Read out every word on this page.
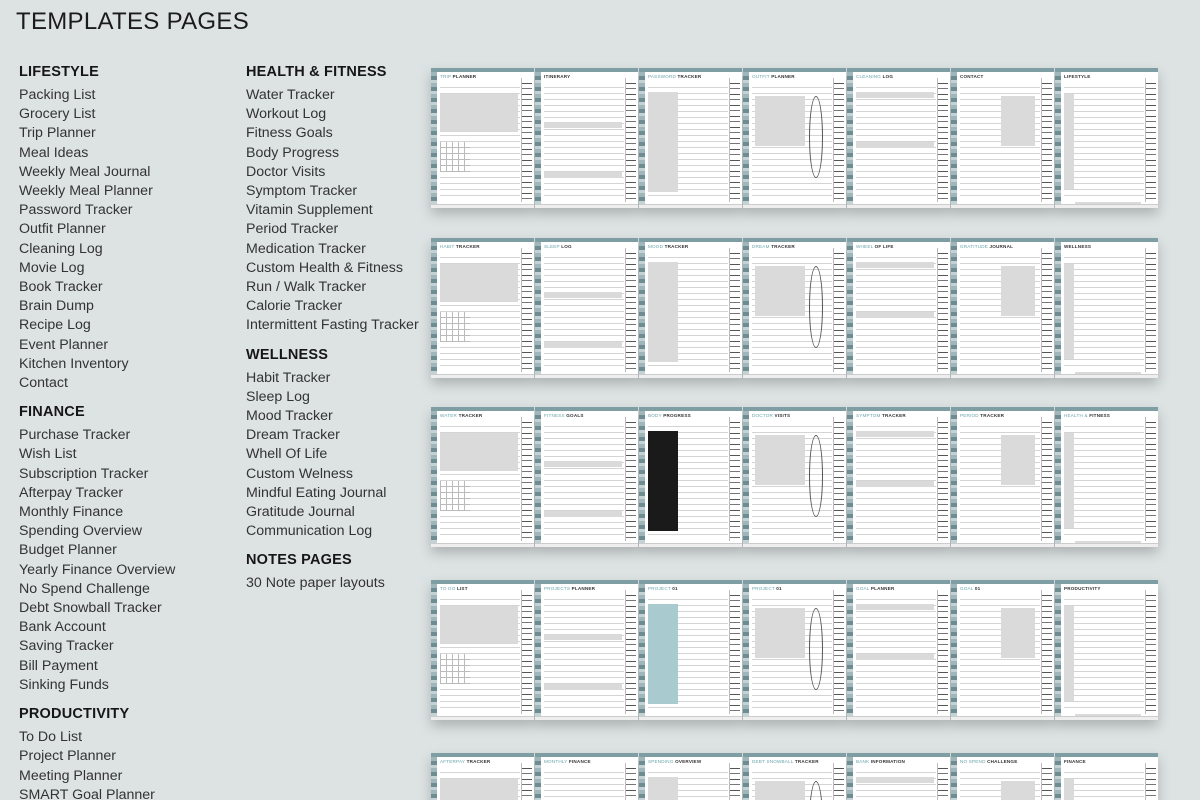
TEMPLATES PAGES
LIFESTYLE
Packing List
Grocery List
Trip Planner
Meal Ideas
Weekly Meal Journal
Weekly Meal Planner
Password Tracker
Outfit Planner
Cleaning Log
Movie Log
Book Tracker
Brain Dump
Recipe Log
Event Planner
Kitchen Inventory
Contact
FINANCE
Purchase Tracker
Wish List
Subscription Tracker
Afterpay Tracker
Monthly Finance
Spending Overview
Budget Planner
Yearly Finance Overview
No Spend Challenge
Debt Snowball Tracker
Bank Account
Saving Tracker
Bill Payment
Sinking Funds
PRODUCTIVITY
To Do List
Project Planner
Meeting Planner
SMART Goal Planner
HEALTH & FITNESS
Water Tracker
Workout Log
Fitness Goals
Body Progress
Doctor Visits
Symptom Tracker
Vitamin Supplement
Period Tracker
Medication Tracker
Custom Health & Fitness
Run / Walk Tracker
Calorie Tracker
Intermittent Fasting Tracker
WELLNESS
Habit Tracker
Sleep Log
Mood Tracker
Dream Tracker
Whell Of Life
Custom Welness
Mindful Eating Journal
Gratitude Journal
Communication Log
NOTES PAGES
30 Note paper layouts
TRIP PLANNER	ITINERARY	PASSWORD TRACKER	OUTFIT PLANNER	CLEANING LOG	CONTACT	LIFESTYLE
HABIT TRACKER	SLEEP LOG	MOOD TRACKER	DREAM TRACKER	WHEEL OF LIFE	GRATITUDE JOURNAL	WELLNESS
WATER TRACKER	FITNESS GOALS	BODY PROGRESS	DOCTOR VISITS	SYMPTOM TRACKER	PERIOD TRACKER	HEALTH & FITNESS
TO DO LIST	PROJECTS PLANNER	PROJECT 01	PROJECT 01	GOAL PLANNER	GOAL 01	PRODUCTIVITY
AFTERPAY TRACKER	MONTHLY FINANCE	SPENDING OVERVIEW	DEBT SNOWBALL TRACKER	BANK INFORMATION	NO SPEND CHALLENGE	FINANCE
